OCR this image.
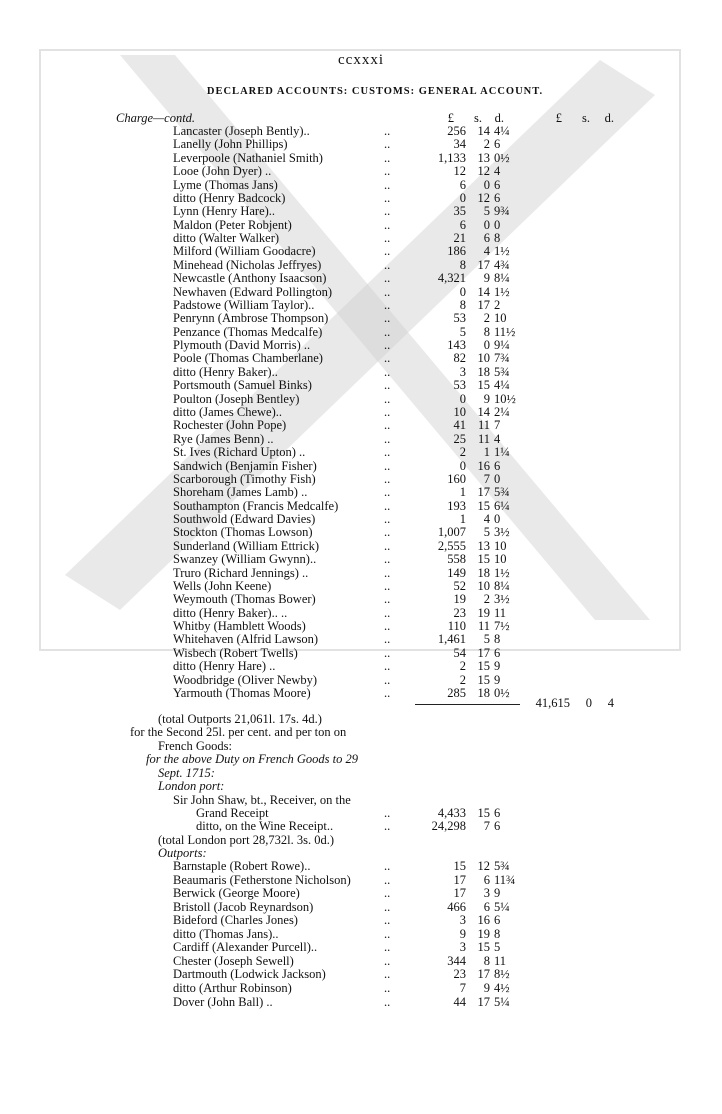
ccxxxi
DECLARED ACCOUNTS: CUSTOMS: GENERAL ACCOUNT.
Charge—contd.	£	s.	d.	£	s.	d.
Lancaster (Joseph Bently)..	..	256 14 4¼
Lanelly (John Phillips)	..	34	2 6
Leverpoole (Nathaniel Smith)	..	1,133 13 0½
Looe (John Dyer) ..	..	12 12 4
Lyme (Thomas Jans)	..	6	0 6
ditto (Henry Badcock)	..	0 12 6
Lynn (Henry Hare)..	..	35	5 9¾
Maldon (Peter Robjent)	..	6	0 0
ditto (Walter Walker)	..	21	6 8
Milford (William Goodacre)	..	186	4 1½
Minehead (Nicholas Jeffryes)	..	8 17 4¾
Newcastle (Anthony Isaacson)	..	4,321	9 8¼
Newhaven (Edward Pollington)	..	0 14 1½
Padstowe (William Taylor)..	..	8 17 2
Penrynn (Ambrose Thompson)	..	53	2 10
Penzance (Thomas Medcalfe)	..	5	8 11½
Plymouth (David Morris) ..	..	143	0 9¼
Poole (Thomas Chamberlane)	..	82 10 7¾
ditto (Henry Baker)..	..	3 18 5¾
Portsmouth (Samuel Binks)	..	53 15 4¼
Poulton (Joseph Bentley)	..	0	9 10½
ditto (James Chewe)..	..	10 14 2¼
Rochester (John Pope)	..	41 11 7
Rye (James Benn) ..	..	25 11 4
St. Ives (Richard Upton) ..	..	2	1 1¼
Sandwich (Benjamin Fisher)	..	0 16 6
Scarborough (Timothy Fish)	..	160	7 0
Shoreham (James Lamb) ..	..	1 17 5¾
Southampton (Francis Medcalfe)	..	193 15 6¼
Southwold (Edward Davies)	..	1	4 0
Stockton (Thomas Lowson)	..	1,007	5 3½
Sunderland (William Ettrick)	..	2,555 13 10
Swanzey (William Gwynn)..	..	558 15 10
Truro (Richard Jennings) ..	..	149 18 1½
Wells (John Keene)	..	52 10 8¼
Weymouth (Thomas Bower)	..	19	2 3½
ditto (Henry Baker).. ..	..	23 19 11
Whitby (Hamblett Woods)	..	110 11 7½
Whitehaven (Alfrid Lawson)	..	1,461	5 8
Wisbech (Robert Twells)	..	54 17 6
ditto (Henry Hare) ..	..	2 15 9
Woodbridge (Oliver Newby)	..	2 15 9
Yarmouth (Thomas Moore)	..	285 18 0½
41,615	0	4
(total Outports 21,061l. 17s. 4d.)
for the Second 25l. per cent. and per ton on
French Goods:
for the above Duty on French Goods to 29
Sept. 1715:
London port:
Sir John Shaw, bt., Receiver, on the
Grand Receipt	..	4,433 15 6
ditto, on the Wine Receipt..	..	24,298	7 6
(total London port 28,732l. 3s. 0d.)
Outports:
Barnstaple (Robert Rowe)..	..	15 12 5¾
Beaumaris (Fetherstone Nicholson)	..	17	6 11¾
Berwick (George Moore)	..	17	3 9
Bristoll (Jacob Reynardson)	..	466	6 5¼
Bideford (Charles Jones)	..	3 16 6
ditto (Thomas Jans)..	..	9 19 8
Cardiff (Alexander Purcell)..	..	3 15 5
Chester (Joseph Sewell)	..	344	8 11
Dartmouth (Lodwick Jackson)	..	23 17 8½
ditto (Arthur Robinson)	..	7	9 4½
Dover (John Ball) ..	..	44 17 5¼
